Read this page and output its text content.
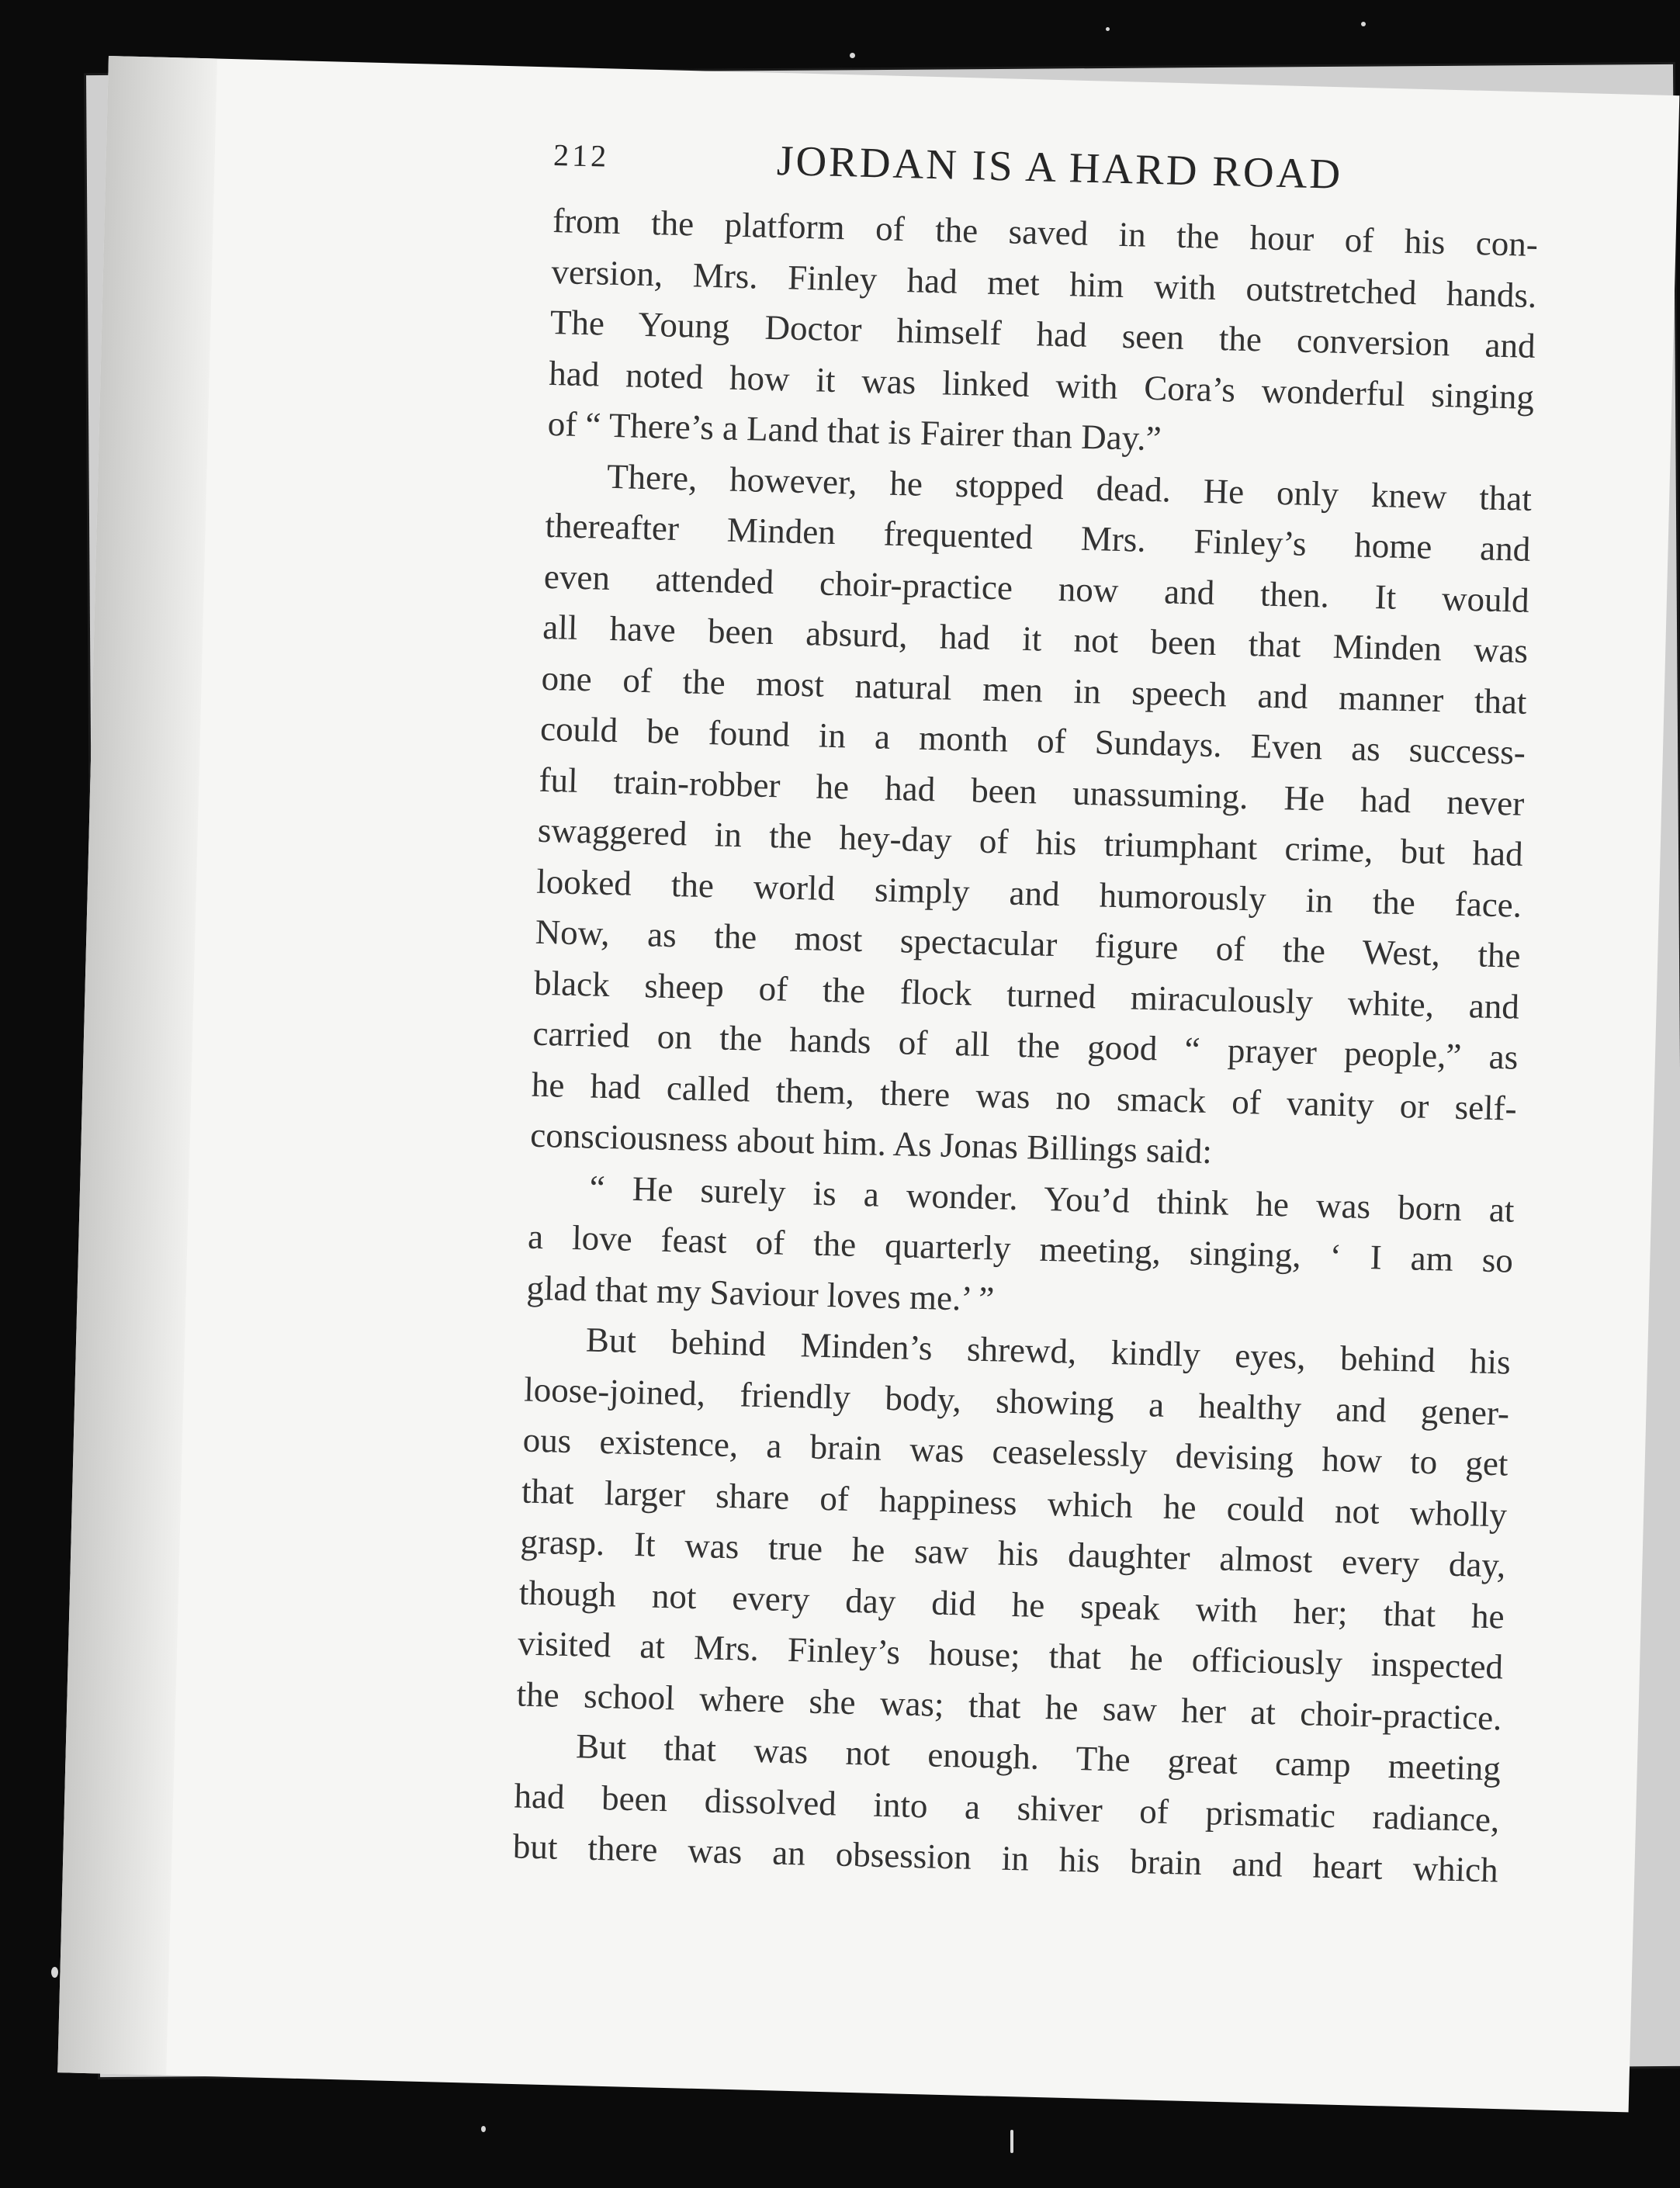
212	JORDAN IS A HARD ROAD
from the platform of the saved in the hour of his con-
version, Mrs. Finley had met him with outstretched hands.
The Young Doctor himself had seen the conversion and
had noted how it was linked with Cora’s wonderful singing
of “ There’s a Land that is Fairer than Day.”
There, however, he stopped dead. He only knew that
thereafter Minden frequented Mrs. Finley’s home and
even attended choir-practice now and then. It would
all have been absurd, had it not been that Minden was
one of the most natural men in speech and manner that
could be found in a month of Sundays. Even as success-
ful train-robber he had been unassuming. He had never
swaggered in the hey-day of his triumphant crime, but had
looked the world simply and humorously in the face.
Now, as the most spectacular figure of the West, the
black sheep of the flock turned miraculously white, and
carried on the hands of all the good “ prayer people,” as
he had called them, there was no smack of vanity or self-
consciousness about him. As Jonas Billings said:
“ He surely is a wonder. You’d think he was born at
a love feast of the quarterly meeting, singing, ‘ I am so
glad that my Saviour loves me.’ ”
But behind Minden’s shrewd, kindly eyes, behind his
loose-joined, friendly body, showing a healthy and gener-
ous existence, a brain was ceaselessly devising how to get
that larger share of happiness which he could not wholly
grasp. It was true he saw his daughter almost every day,
though not every day did he speak with her; that he
visited at Mrs. Finley’s house; that he officiously inspected
the school where she was; that he saw her at choir-practice.
But that was not enough. The great camp meeting
had been dissolved into a shiver of prismatic radiance,
but there was an obsession in his brain and heart which
